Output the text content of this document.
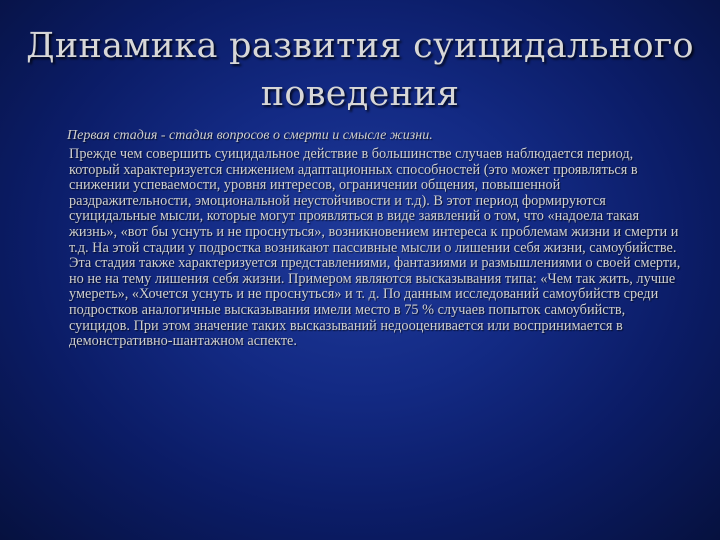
Динамика развития суицидального поведения

Первая стадия - стадия вопросов о смерти и смысле жизни.

Прежде чем совершить суицидальное действие в большинстве случаев наблюдается период, который характеризуется снижением адаптационных способностей (это может проявляться в снижении успеваемости, уровня интересов, ограничении общения, повышенной раздражительности, эмоциональной неустойчивости и т.д). В этот период формируются суицидальные мысли, которые могут проявляться в виде заявлений о том, что «надоела такая жизнь», «вот бы уснуть и не проснуться», возникновением интереса к проблемам жизни и смерти и т.д. На этой стадии у подростка возникают пассивные мысли о лишении себя жизни, самоубийстве. Эта стадия также характеризуется представлениями, фантазиями и размышлениями о своей смерти, но не на тему лишения себя жизни. Примером являются высказывания типа: «Чем так жить, лучше умереть», «Хочется уснуть и не проснуться» и т. д. По данным исследований самоубийств среди подростков аналогичные высказывания имели место в 75 % случаев попыток самоубийств, суицидов. При этом значение таких высказываний недооценивается или воспринимается в демонстративно-шантажном аспекте.
